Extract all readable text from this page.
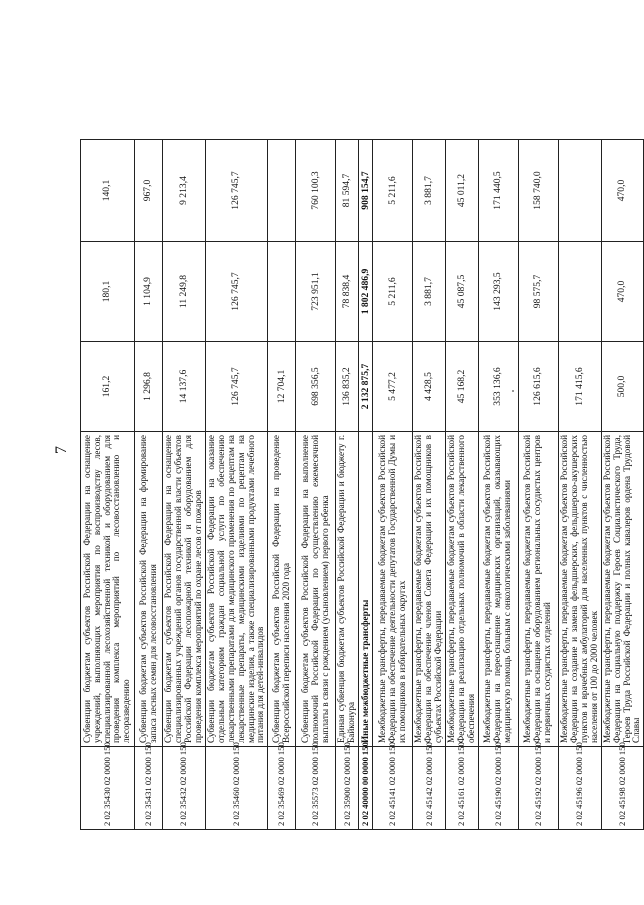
7
2 02 35430 02 0000 150	Субвенции бюджетам субъектов Российской Федерации на оснащение учреждений, выполняющих мероприятия по воспроизводству лесов, специализированной лесохозяйственной техникой и оборудованием для проведения комплекса мероприятий по лесовосстановлению и лесоразведению	161,2	180,1	140,1
2 02 35431 02 0000 150	Субвенции бюджетам субъектов Российской Федерации на формирование запаса лесных семян для лесовосстановления	1 296,8	1 104,9	967,0
2 02 35432 02 0000 150	Субвенции бюджетам субъектов Российской Федерации на оснащение специализированных учреждений органов государственной власти субъектов Российской Федерации лесопожарной техникой и оборудованием для проведения комплекса мероприятий по охране лесов от пожаров	14 137,6	11 249,8	9 213,4
2 02 35460 02 0000 150	Субвенции бюджетам субъектов Российской Федерации на оказание отдельным категориям граждан социальной услуги по обеспечению лекарственными препаратами для медицинского применения по рецептам на лекарственные препараты, медицинскими изделиями по рецептам на медицинские изделия, а также специализированными продуктами лечебного питания для детей-инвалидов	126 745,7	126 745,7	126 745,7
2 02 35469 02 0000 150	Субвенции бюджетам субъектов Российской Федерации на проведение Всероссийской переписи населения 2020 года	12 704,1		
2 02 35573 02 0000 150	Субвенции бюджетам субъектов Российской Федерации на выполнение полномочий Российской Федерации по осуществлению ежемесячной выплаты в связи с рождением (усыновлением) первого ребенка	698 356,5	723 951,1	760 100,3
2 02 35900 02 0000 150	Единая субвенция бюджетам субъектов Российской Федерации и бюджету г. Байконура	136 835,2	78 838,4	81 594,7
2 02 40000 00 0000 150	Иные межбюджетные трансферты	2 132 875,7	1 802 486,9	908 154,7
2 02 45141 02 0000 150	Межбюджетные трансферты, передаваемые бюджетам субъектов Российской Федерации на обеспечение деятельности депутатов Государственной Думы и их помощников в избирательных округах	5 477,2	5 211,6	5 211,6
2 02 45142 02 0000 150	Межбюджетные трансферты, передаваемые бюджетам субъектов Российской Федерации на обеспечение членов Совета Федерации и их помощников в субъектах Российской Федерации	4 428,5	3 881,7	3 881,7
2 02 45161 02 0000 150	Межбюджетные трансферты, передаваемые бюджетам субъектов Российской Федерации на реализацию отдельных полномочий в области лекарственного обеспечения	45 168,2	45 087,5	45 011,2
2 02 45190 02 0000 150	Межбюджетные трансферты, передаваемые бюджетам субъектов Российской Федерации на переоснащение медицинских организаций, оказывающих медицинскую помощь больным с онкологическими заболеваниями	353 136,6	143 293,5	171 440,5
2 02 45192 02 0000 150	Межбюджетные трансферты, передаваемые бюджетам субъектов Российской Федерации на оснащение оборудованием региональных сосудистых центров и первичных сосудистых отделений	126 615,6	98 575,7	158 740,0
2 02 45196 02 0000 150	Межбюджетные трансферты, передаваемые бюджетам субъектов Российской Федерации на создание и замена фельдшерских, фельдшерско-акушерских пунктов и врачебных амбулаторий для населенных пунктов с численностью населения от 100 до 2000 человек	171 415,6		
2 02 45198 02 0000 150	Межбюджетные трансферты, передаваемые бюджетам субъектов Российской Федерации на социальную поддержку Героев Социалистического Труда, Героев Труда Российской Федерации и полных кавалеров ордена Трудовой Славы	500,0	470,0	470,0
